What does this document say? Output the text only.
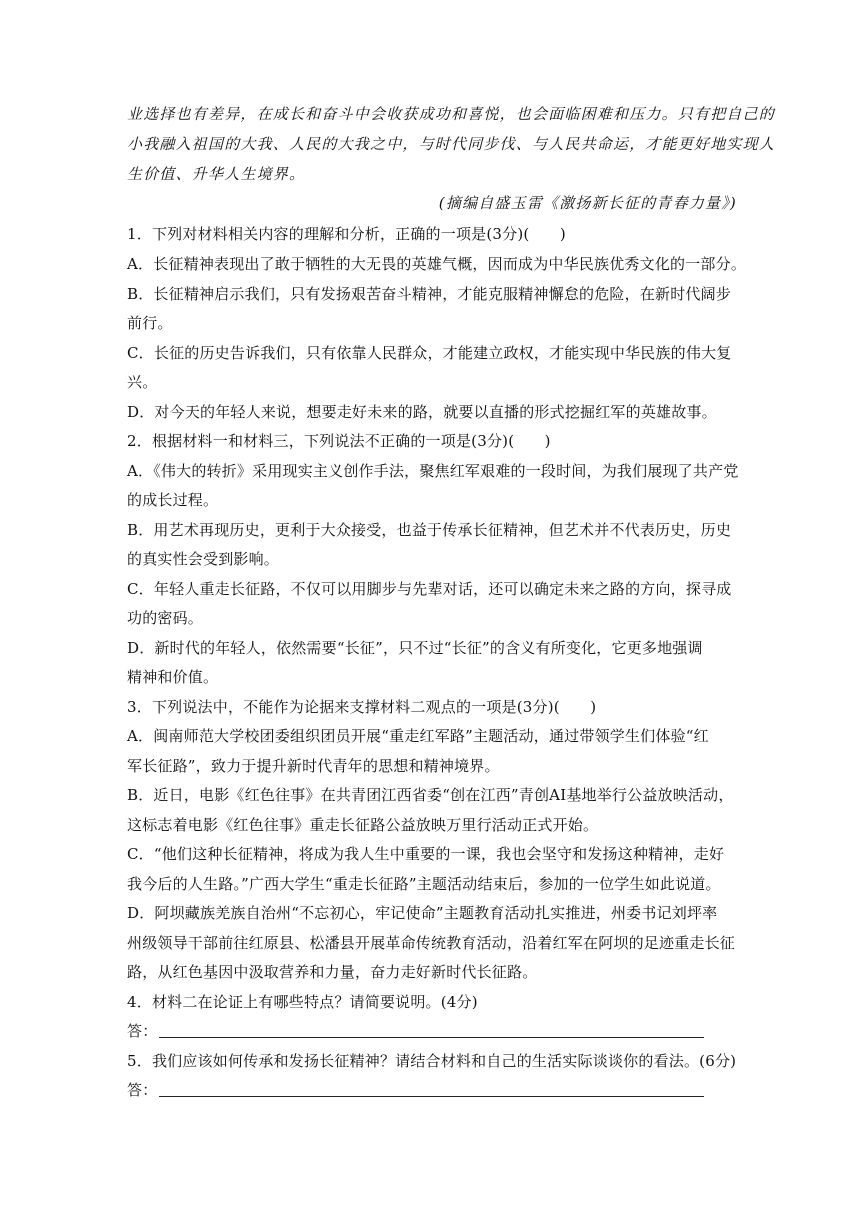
业选择也有差异，在成长和奋斗中会收获成功和喜悦，也会面临困难和压力。只有把自己的
小我融入祖国的大我、人民的大我之中，与时代同步伐、与人民共命运，才能更好地实现人
生价值、升华人生境界。
(摘编自盛玉雷《激扬新长征的青春力量》)
1．下列对材料相关内容的理解和分析，正确的一项是(3分)(　　)
A．长征精神表现出了敢于牺牲的大无畏的英雄气概，因而成为中华民族优秀文化的一部分。
B．长征精神启示我们，只有发扬艰苦奋斗精神，才能克服精神懈怠的危险，在新时代阔步
前行。
C．长征的历史告诉我们，只有依靠人民群众，才能建立政权，才能实现中华民族的伟大复
兴。
D．对今天的年轻人来说，想要走好未来的路，就要以直播的形式挖掘红军的英雄故事。
2．根据材料一和材料三，下列说法不正确的一项是(3分)(　　)
A．《伟大的转折》采用现实主义创作手法，聚焦红军艰难的一段时间，为我们展现了共产党
的成长过程。
B．用艺术再现历史，更利于大众接受，也益于传承长征精神，但艺术并不代表历史，历史
的真实性会受到影响。
C．年轻人重走长征路，不仅可以用脚步与先辈对话，还可以确定未来之路的方向，探寻成
功的密码。
D．新时代的年轻人，依然需要“长征”，只不过“长征”的含义有所变化，它更多地强调
精神和价值。
3．下列说法中，不能作为论据来支撑材料二观点的一项是(3分)(　　)
A．闽南师范大学校团委组织团员开展“重走红军路”主题活动，通过带领学生们体验“红
军长征路”，致力于提升新时代青年的思想和精神境界。
B．近日，电影《红色往事》在共青团江西省委“创在江西”青创AI基地举行公益放映活动，
这标志着电影《红色往事》重走长征路公益放映万里行活动正式开始。
C．“他们这种长征精神，将成为我人生中重要的一课，我也会坚守和发扬这种精神，走好
我今后的人生路。”广西大学生“重走长征路”主题活动结束后，参加的一位学生如此说道。
D．阿坝藏族羌族自治州“不忘初心，牢记使命”主题教育活动扎实推进，州委书记刘坪率
州级领导干部前往红原县、松潘县开展革命传统教育活动，沿着红军在阿坝的足迹重走长征
路，从红色基因中汲取营养和力量，奋力走好新时代长征路。
4．材料二在论证上有哪些特点？请简要说明。(4分)
答：
5．我们应该如何传承和发扬长征精神？请结合材料和自己的生活实际谈谈你的看法。(6分)
答：
